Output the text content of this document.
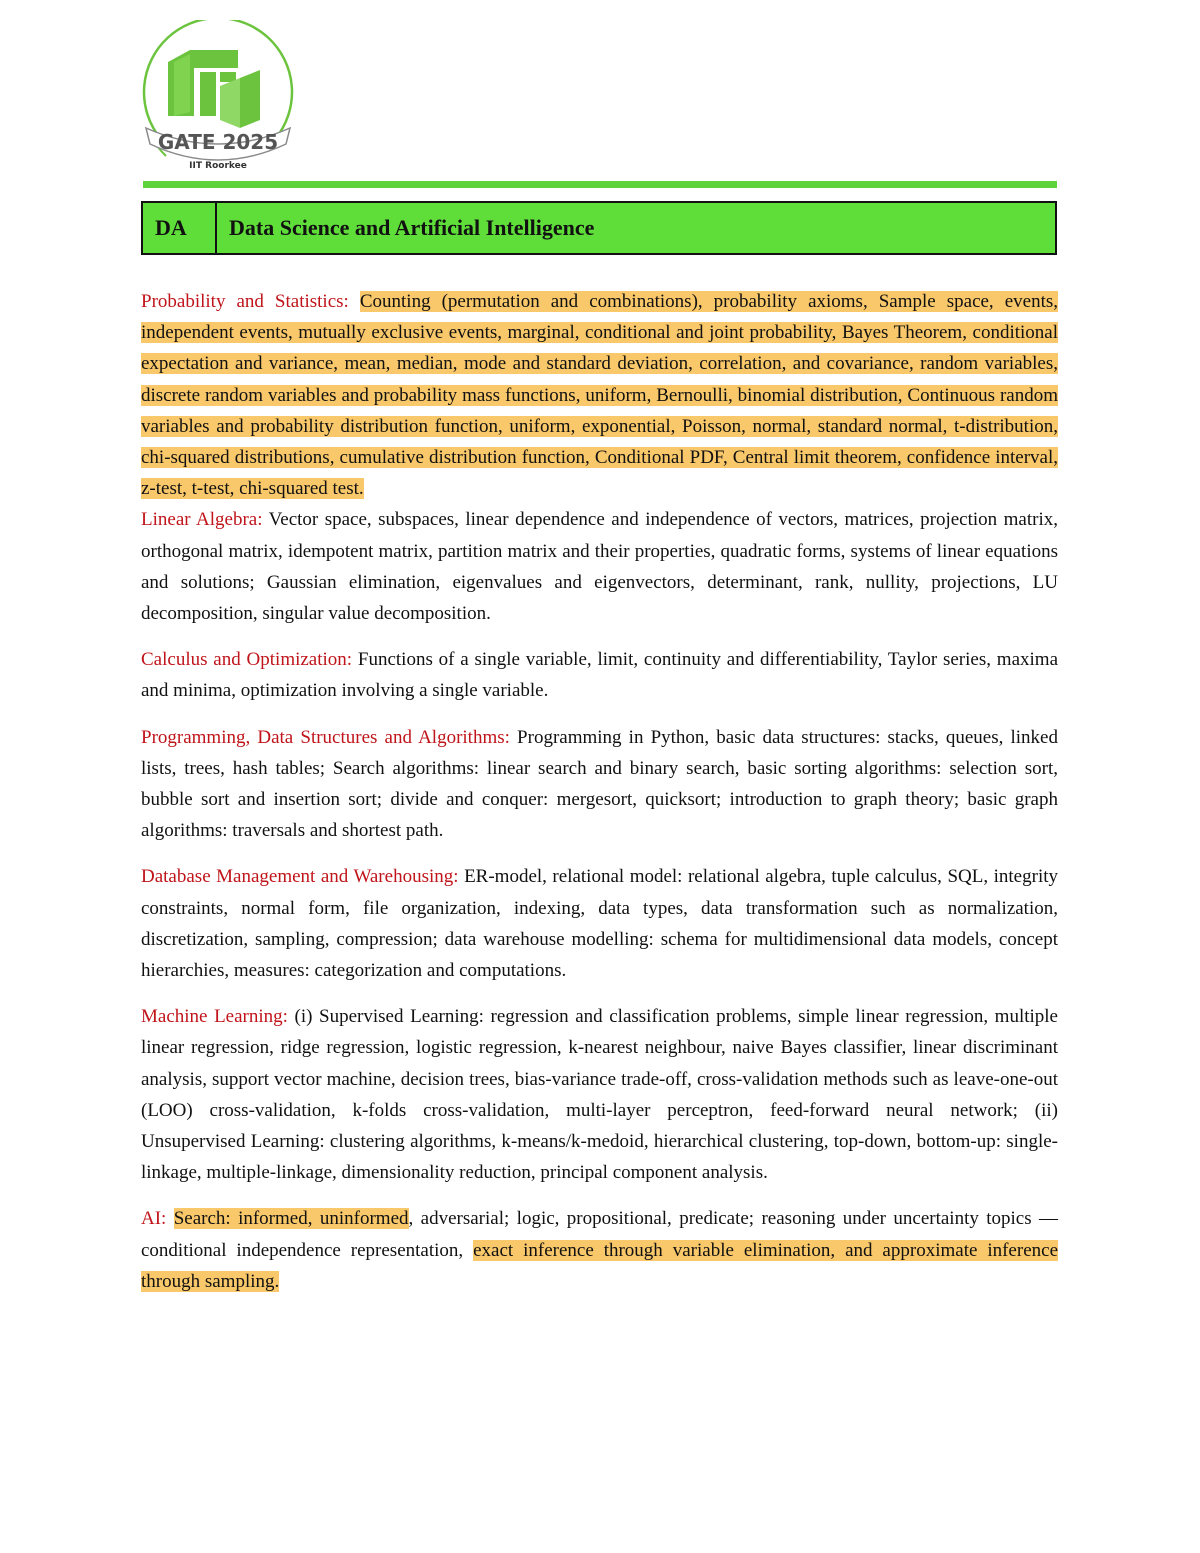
GATE 2025
IIT Roorkee
DA	Data Science and Artificial Intelligence

Probability and Statistics: Counting (permutation and combinations), probability axioms, Sample space, events, independent events, mutually exclusive events, marginal, conditional and joint probability, Bayes Theorem, conditional expectation and variance, mean, median, mode and standard deviation, correlation, and covariance, random variables, discrete random variables and probability mass functions, uniform, Bernoulli, binomial distribution, Continuous random variables and probability distribution function, uniform, exponential, Poisson, normal, standard normal, t-distribution, chi-squared distributions, cumulative distribution function, Conditional PDF, Central limit theorem, confidence interval, z-test, t-test, chi-squared test.

Linear Algebra: Vector space, subspaces, linear dependence and independence of vectors, matrices, projection matrix, orthogonal matrix, idempotent matrix, partition matrix and their properties, quadratic forms, systems of linear equations and solutions; Gaussian elimination, eigenvalues and eigenvectors, determinant, rank, nullity, projections, LU decomposition, singular value decomposition.

Calculus and Optimization: Functions of a single variable, limit, continuity and differentiability, Taylor series, maxima and minima, optimization involving a single variable.

Programming, Data Structures and Algorithms: Programming in Python, basic data structures: stacks, queues, linked lists, trees, hash tables; Search algorithms: linear search and binary search, basic sorting algorithms: selection sort, bubble sort and insertion sort; divide and conquer: mergesort, quicksort; introduction to graph theory; basic graph algorithms: traversals and shortest path.

Database Management and Warehousing: ER-model, relational model: relational algebra, tuple calculus, SQL, integrity constraints, normal form, file organization, indexing, data types, data transformation such as normalization, discretization, sampling, compression; data warehouse modelling: schema for multidimensional data models, concept hierarchies, measures: categorization and computations.

Machine Learning: (i) Supervised Learning: regression and classification problems, simple linear regression, multiple linear regression, ridge regression, logistic regression, k-nearest neighbour, naive Bayes classifier, linear discriminant analysis, support vector machine, decision trees, bias-variance trade-off, cross-validation methods such as leave-one-out (LOO) cross-validation, k-folds cross-validation, multi-layer perceptron, feed-forward neural network; (ii) Unsupervised Learning: clustering algorithms, k-means/k-medoid, hierarchical clustering, top-down, bottom-up: single-linkage, multiple-linkage, dimensionality reduction, principal component analysis.

AI: Search: informed, uninformed, adversarial; logic, propositional, predicate; reasoning under uncertainty topics — conditional independence representation, exact inference through variable elimination, and approximate inference through sampling.
